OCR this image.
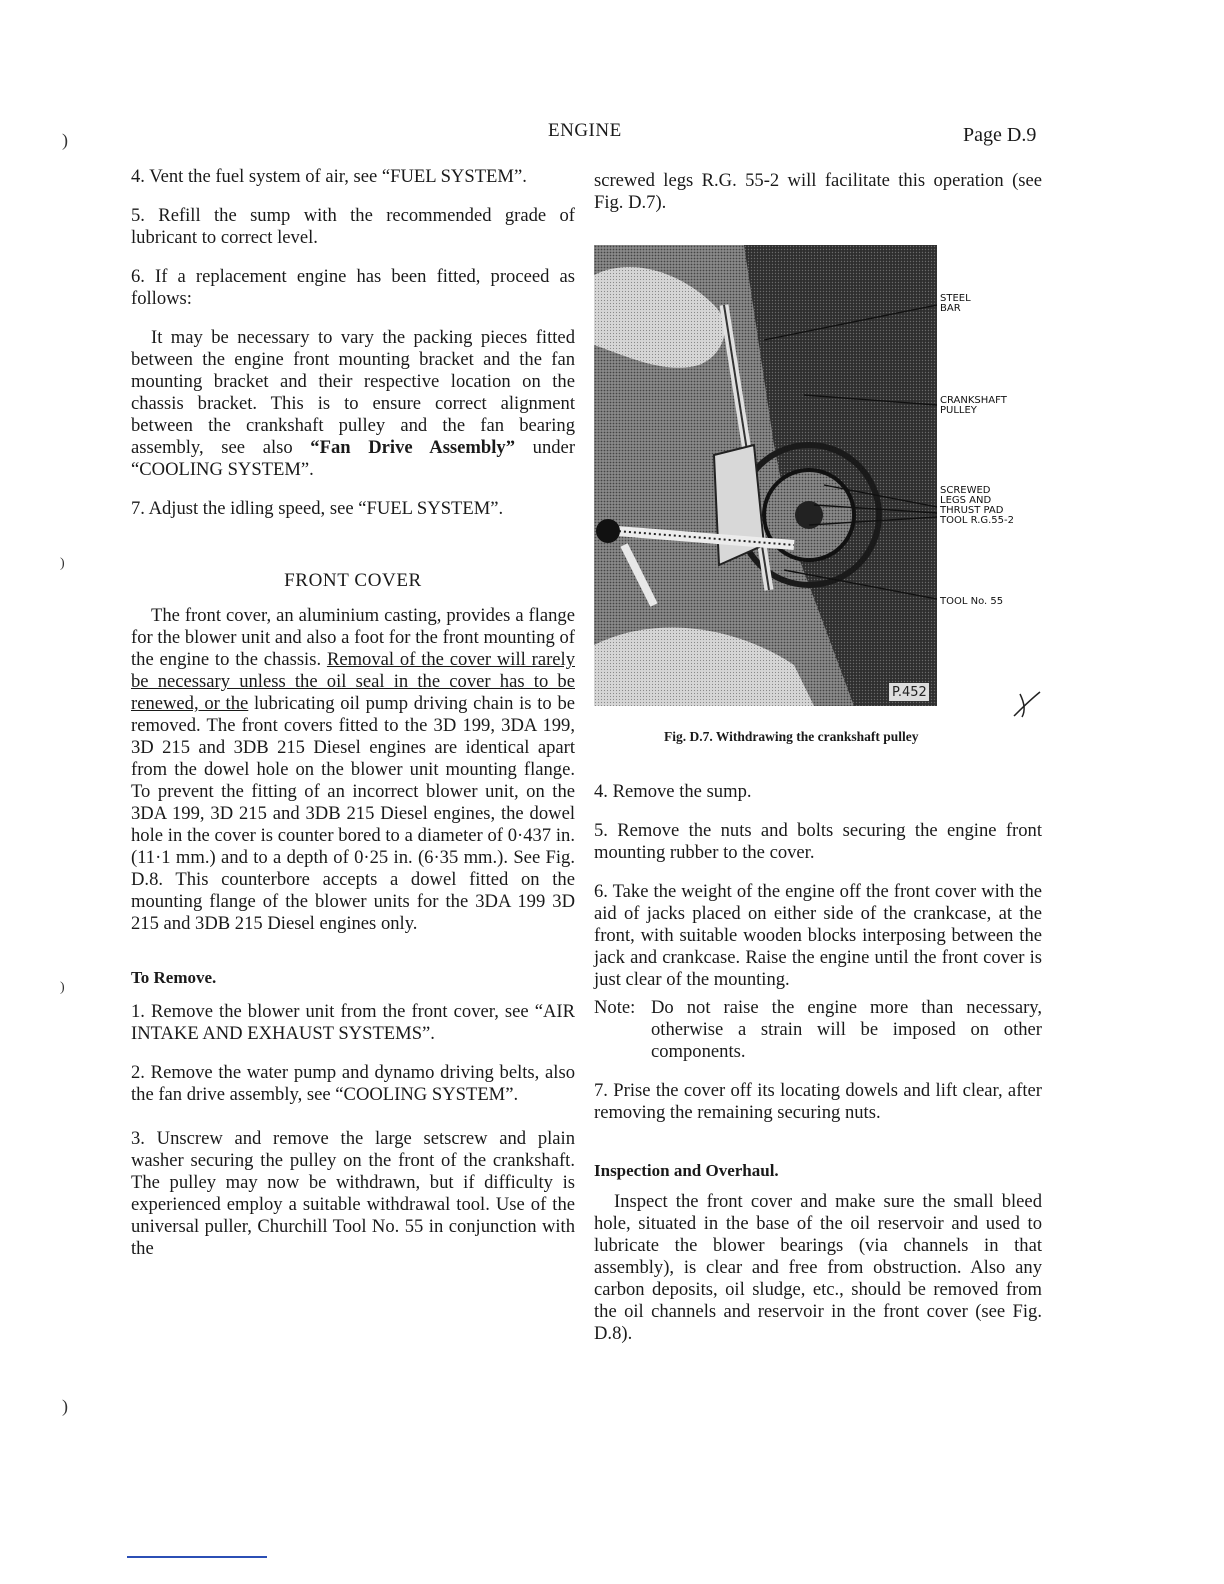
ENGINE	Page D.9
)
)
)
)

4. Vent the fuel system of air, see “FUEL SYSTEM”.

5. Refill the sump with the recommended grade of lubricant to correct level.

6. If a replacement engine has been fitted, proceed as follows:

It may be necessary to vary the packing pieces fitted between the engine front mounting bracket and the fan mounting bracket and their respective location on the chassis bracket. This is to ensure correct alignment between the crankshaft pulley and the fan bearing assembly, see also “Fan Drive Assembly” under “COOLING SYSTEM”.

7. Adjust the idling speed, see “FUEL SYSTEM”.

FRONT COVER

The front cover, an aluminium casting, provides a flange for the blower unit and also a foot for the front mounting of the engine to the chassis. Removal of the cover will rarely be necessary unless the oil seal in the cover has to be renewed, or the lubricating oil pump driving chain is to be removed. The front covers fitted to the 3D 199, 3DA 199, 3D 215 and 3DB 215 Diesel engines are identical apart from the dowel hole on the blower unit mounting flange. To prevent the fitting of an incorrect blower unit, on the 3DA 199, 3D 215 and 3DB 215 Diesel engines, the dowel hole in the cover is counter bored to a diameter of 0·437 in. (11·1 mm.) and to a depth of 0·25 in. (6·35 mm.). See Fig. D.8. This counterbore accepts a dowel fitted on the mounting flange of the blower units for the 3DA 199 3D 215 and 3DB 215 Diesel engines only.

To Remove.

1. Remove the blower unit from the front cover, see “AIR INTAKE AND EXHAUST SYSTEMS”.

2. Remove the water pump and dynamo driving belts, also the fan drive assembly, see “COOLING SYSTEM”.

3. Unscrew and remove the large setscrew and plain washer securing the pulley on the front of the crankshaft. The pulley may now be withdrawn, but if difficulty is experienced employ a suitable withdrawal tool. Use of the universal puller, Churchill Tool No. 55 in conjunction with the

screwed legs R.G. 55-2 will facilitate this operation (see Fig. D.7).

P.452
STEEL
BAR
CRANKSHAFT
PULLEY
SCREWED
LEGS AND
THRUST PAD
TOOL R.G.55-2
TOOL No. 55
Fig. D.7. Withdrawing the crankshaft pulley

4. Remove the sump.

5. Remove the nuts and bolts securing the engine front mounting rubber to the cover.

6. Take the weight of the engine off the front cover with the aid of jacks placed on either side of the crankcase, at the front, with suitable wooden blocks interposing between the jack and crankcase. Raise the engine until the front cover is just clear of the mounting.

Note: Do not raise the engine more than necessary, otherwise a strain will be imposed on other components.

7. Prise the cover off its locating dowels and lift clear, after removing the remaining securing nuts.

Inspection and Overhaul.

Inspect the front cover and make sure the small bleed hole, situated in the base of the oil reservoir and used to lubricate the blower bearings (via channels in that assembly), is clear and free from obstruction. Also any carbon deposits, oil sludge, etc., should be removed from the oil channels and reservoir in the front cover (see Fig. D.8).
